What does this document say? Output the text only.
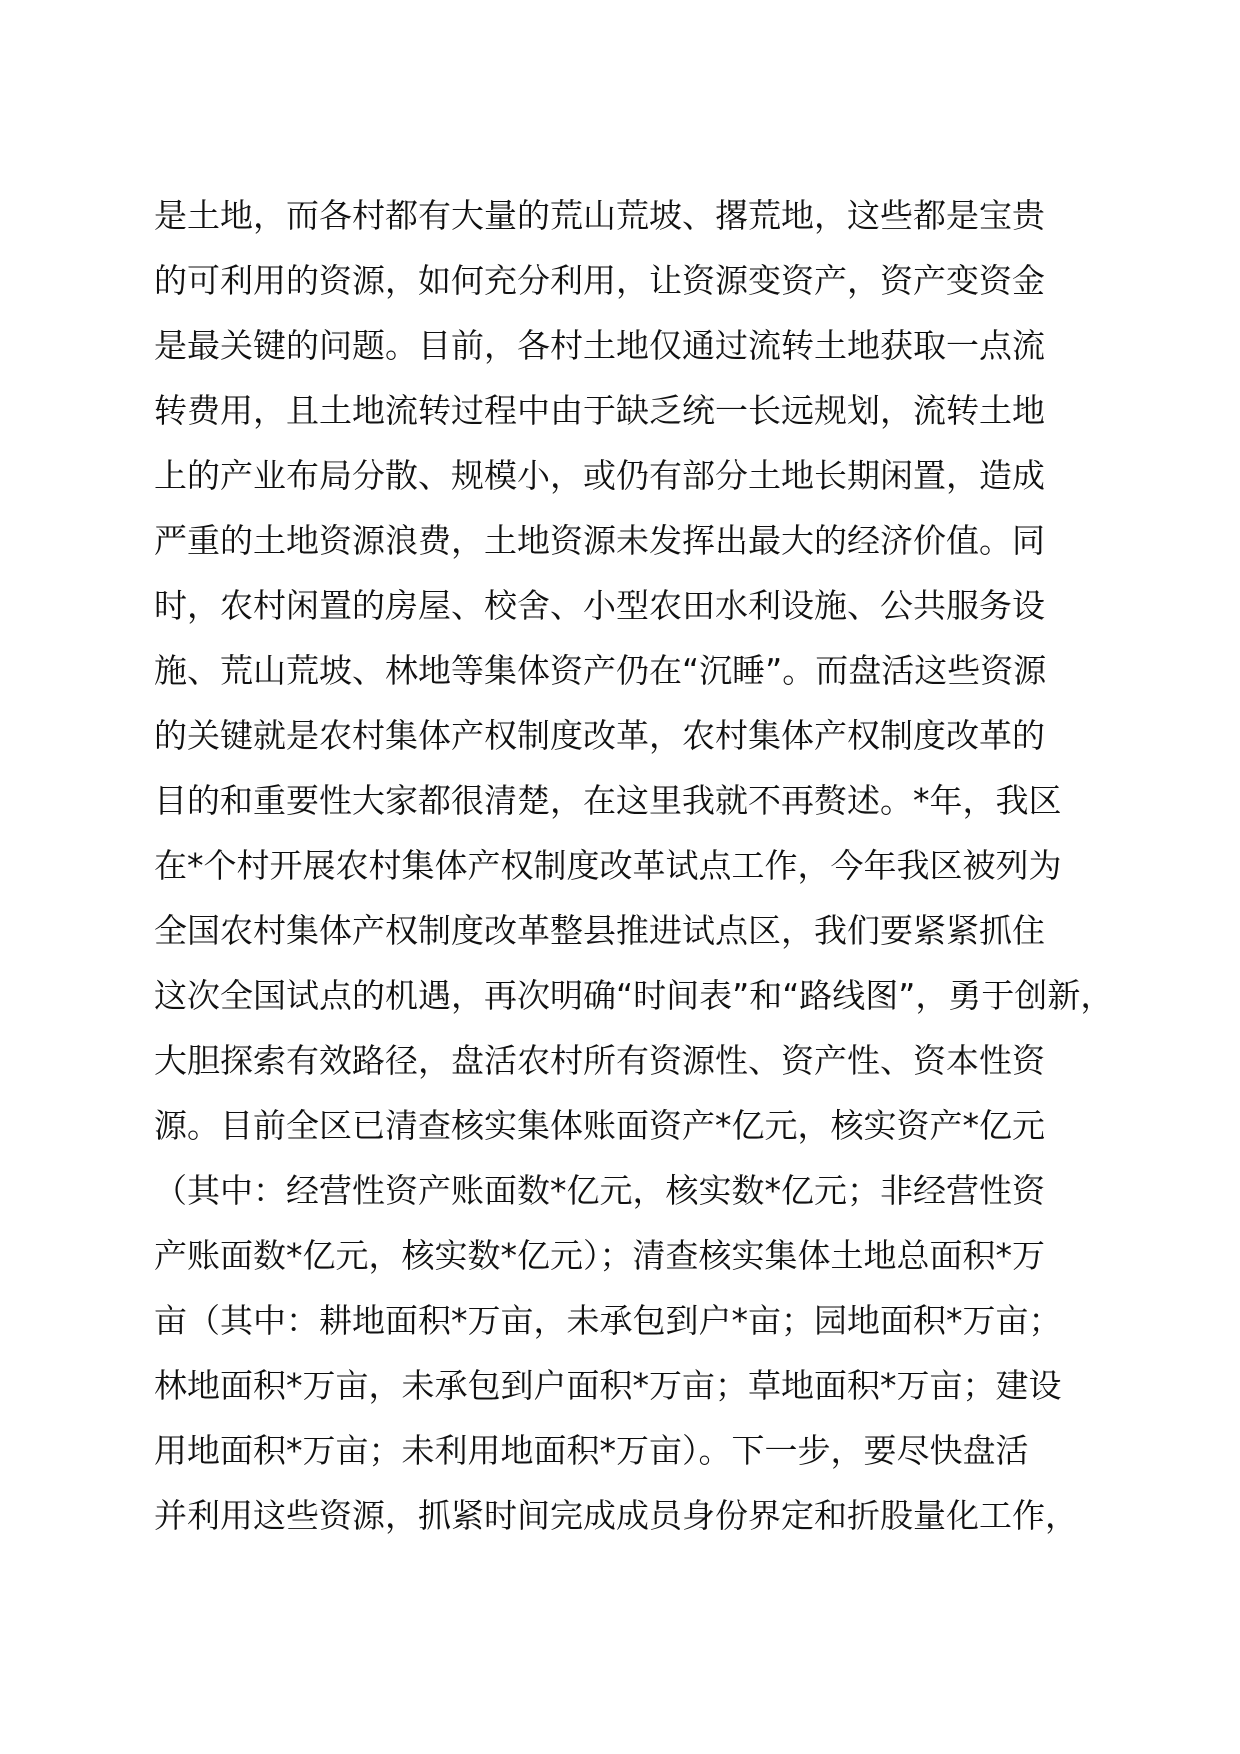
是土地，而各村都有大量的荒山荒坡、撂荒地，这些都是宝贵
的可利用的资源，如何充分利用，让资源变资产，资产变资金
是最关键的问题。目前，各村土地仅通过流转土地获取一点流
转费用，且土地流转过程中由于缺乏统一长远规划，流转土地
上的产业布局分散、规模小，或仍有部分土地长期闲置，造成
严重的土地资源浪费，土地资源未发挥出最大的经济价值。同
时，农村闲置的房屋、校舍、小型农田水利设施、公共服务设
施、荒山荒坡、林地等集体资产仍在“沉睡”。而盘活这些资源
的关键就是农村集体产权制度改革，农村集体产权制度改革的
目的和重要性大家都很清楚，在这里我就不再赘述。*年，我区
在*个村开展农村集体产权制度改革试点工作，今年我区被列为
全国农村集体产权制度改革整县推进试点区，我们要紧紧抓住
这次全国试点的机遇，再次明确“时间表”和“路线图”，勇于创新，
大胆探索有效路径，盘活农村所有资源性、资产性、资本性资
源。目前全区已清查核实集体账面资产*亿元，核实资产*亿元
（其中：经营性资产账面数*亿元，核实数*亿元；非经营性资
产账面数*亿元，核实数*亿元）；清查核实集体土地总面积*万
亩（其中：耕地面积*万亩，未承包到户*亩；园地面积*万亩；
林地面积*万亩，未承包到户面积*万亩；草地面积*万亩；建设
用地面积*万亩；未利用地面积*万亩）。下一步，要尽快盘活
并利用这些资源，抓紧时间完成成员身份界定和折股量化工作，
